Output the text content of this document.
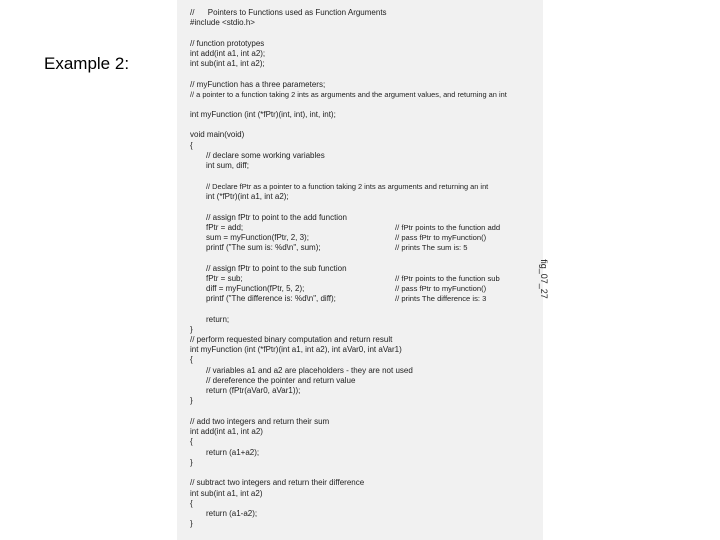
Example 2:
//      Pointers to Functions used as Function Arguments
#include <stdio.h>
// function prototypes
int add(int a1, int a2);
int sub(int a1, int a2);
// myFunction has a three parameters;
// a pointer to a function taking 2 ints as arguments and the argument values, and returning an int
int myFunction (int (*fPtr)(int, int), int, int);
void main(void)
{
// declare some working variables
int sum, diff;
// Declare fPtr as a pointer to a function taking 2 ints as arguments and returning an int
int (*fPtr)(int a1, int a2);
// assign fPtr to point to the add function
fPtr = add;
sum = myFunction(fPtr, 2, 3);
printf ("The sum is: %d\n", sum);
// assign fPtr to point to the sub function
fPtr = sub;
diff = myFunction(fPtr, 5, 2);
printf ("The difference is: %d\n", diff);
return;
}
// perform requested binary computation and return result
int myFunction (int (*fPtr)(int a1, int a2), int aVar0, int aVar1)
{
// variables a1 and a2 are placeholders - they are not used
// dereference the pointer and return value
return (fPtr(aVar0, aVar1));
}
// add two integers and return their sum
int add(int a1, int a2)
{
return (a1+a2);
}
// subtract two integers and return their difference
int sub(int a1, int a2)
{
return (a1-a2);
}
// fPtr points to the function add
// pass fPtr to myFunction()
// prints The sum is: 5
// fPtr points to the function sub
// pass fPtr to myFunction()
// prints The difference is: 3	fig_07_27
